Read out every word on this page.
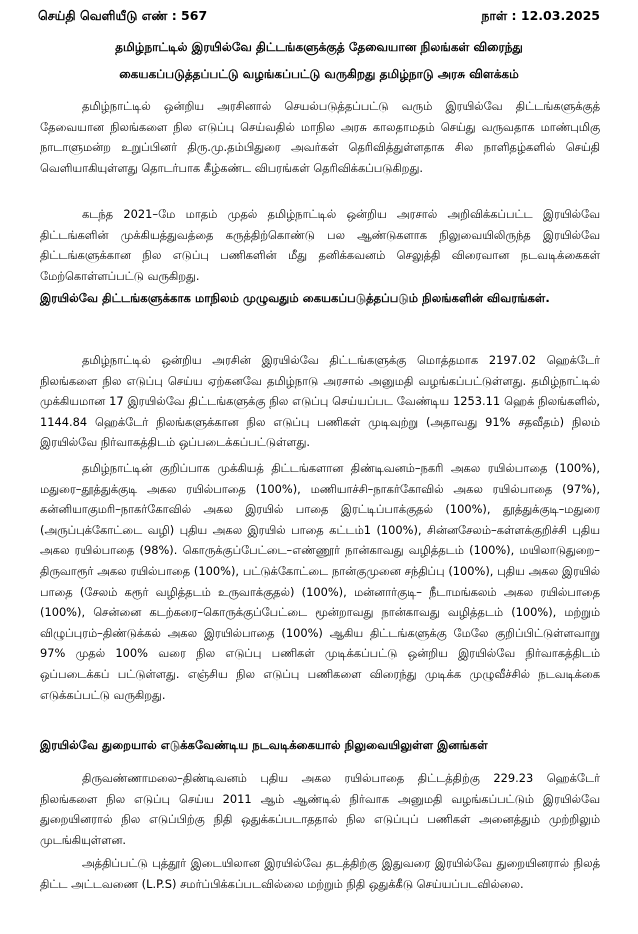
செய்தி வெளியீடு எண் : 567	நாள் : 12.03.2025
தமிழ்நாட்டில் இரயில்வே திட்டங்களுக்குத் தேவையான நிலங்கள் விரைந்து
கையகப்படுத்தப்பட்டு வழங்கப்பட்டு வருகிறது தமிழ்நாடு அரசு விளக்கம்
தமிழ்நாட்டில் ஒன்றிய அரசினால் செயல்படுத்தப்பட்டு வரும் இரயில்வே திட்டங்களுக்குத் தேவையான நிலங்களை நில எடுப்பு செய்வதில் மாநில அரசு காலதாமதம் செய்து வருவதாக மாண்புமிகு நாடாளுமன்ற உறுப்பினர் திரு.மு.தம்பிதுரை அவர்கள் தெரிவித்துள்ளதாக சில நாளிதழ்களில் செய்தி வெளியாகியுள்ளது தொடர்பாக கீழ்கண்ட விபரங்கள் தெரிவிக்கப்படுகிறது.
கடந்த 2021–மே மாதம் முதல் தமிழ்நாட்டில் ஒன்றிய அரசால் அறிவிக்கப்பட்ட இரயில்வே திட்டங்களின் முக்கியத்துவத்தை கருத்திற்கொண்டு பல ஆண்டுகளாக நிலுவையிலிருந்த இரயில்வே திட்டங்களுக்கான நில எடுப்பு பணிகளின் மீது தனிக்கவனம் செலுத்தி விரைவான நடவடிக்கைகள் மேற்கொள்ளப்பட்டு வருகிறது.
இரயில்வே திட்டங்களுக்காக மாநிலம் முழுவதும் கையகப்படுத்தப்படும் நிலங்களின் விவரங்கள்.
தமிழ்நாட்டில் ஒன்றிய அரசின் இரயில்வே திட்டங்களுக்கு மொத்தமாக 2197.02 ஹெக்டேர் நிலங்களை நில எடுப்பு செய்ய ஏற்கனவே தமிழ்நாடு அரசால் அனுமதி வழங்கப்பட்டுள்ளது. தமிழ்நாட்டில் முக்கியமான 17 இரயில்வே திட்டங்களுக்கு நில எடுப்பு செய்யப்பட வேண்டிய 1253.11 ஹெக் நிலங்களில், 1144.84 ஹெக்டேர் நிலங்களுக்கான நில எடுப்பு பணிகள் முடிவுற்று (அதாவது 91% சதவீதம்) நிலம் இரயில்வே நிர்வாகத்திடம் ஒப்படைக்கப்பட்டுள்ளது.
தமிழ்நாட்டின் குறிப்பாக முக்கியத் திட்டங்களான திண்டிவனம்–நகரி அகல ரயில்பாதை (100%), மதுரை–தூத்துக்குடி அகல ரயில்பாதை (100%), மணியாச்சி–நாகர்கோவில் அகல ரயில்பாதை (97%), கன்னியாகுமரி–நாகர்கோவில் அகல இரயில் பாதை இரட்டிப்பாக்குதல் (100%), தூத்துக்குடி–மதுரை (அருப்புக்கோட்டை வழி) புதிய அகல இரயில் பாதை கட்டம்1 (100%), சின்னசேலம்–கள்ளக்குறிச்சி புதிய அகல ரயில்பாதை (98%). கொருக்குப்பேட்டை–எண்ணூர் நான்காவது வழித்தடம் (100%), மயிலாடுதுறை–திருவாரூர் அகல ரயில்பாதை (100%), பட்டுக்கோட்டை நான்குமுனை சந்திப்பு (100%), புதிய அகல இரயில் பாதை (சேலம் கரூர் வழித்தடம் உருவாக்குதல்) (100%), மன்னார்குடி– நீடாமங்கலம் அகல ரயில்பாதை (100%), சென்னை கடற்கரை–கொருக்குப்பேட்டை மூன்றாவது நான்காவது வழித்தடம் (100%), மற்றும் விழுப்புரம்–திண்டுக்கல் அகல இரயில்பாதை (100%) ஆகிய திட்டங்களுக்கு மேலே குறிப்பிட்டுள்ளவாறு 97% முதல் 100% வரை நில எடுப்பு பணிகள் முடிக்கப்பட்டு ஒன்றிய இரயில்வே நிர்வாகத்திடம் ஒப்படைக்கப் பட்டுள்ளது. எஞ்சிய நில எடுப்பு பணிகளை விரைந்து முடிக்க முழுவீச்சில் நடவடிக்கை எடுக்கப்பட்டு வருகிறது.
இரயில்வே துறையால் எடுக்கவேண்டிய நடவடிக்கையால் நிலுவையிலுள்ள இனங்கள்
திருவண்ணாமலை–திண்டிவனம் புதிய அகல ரயில்பாதை திட்டத்திற்கு 229.23 ஹெக்டேர் நிலங்களை நில எடுப்பு செய்ய 2011 ஆம் ஆண்டில் நிர்வாக அனுமதி வழங்கப்பட்டும் இரயில்வே துறையினரால் நில எடுப்பிற்கு நிதி ஒதுக்கப்படாததால் நில எடுப்புப் பணிகள் அனைத்தும் முற்றிலும் முடங்கியுள்ளன.
அத்திப்பட்டு புத்தூர் இடையிலான இரயில்வே தடத்திற்கு இதுவரை இரயில்வே துறையினரால் நிலத் திட்ட அட்டவணை (L.P.S) சமர்ப்பிக்கப்படவில்லை மற்றும் நிதி ஒதுக்கீடு செய்யப்படவில்லை.
